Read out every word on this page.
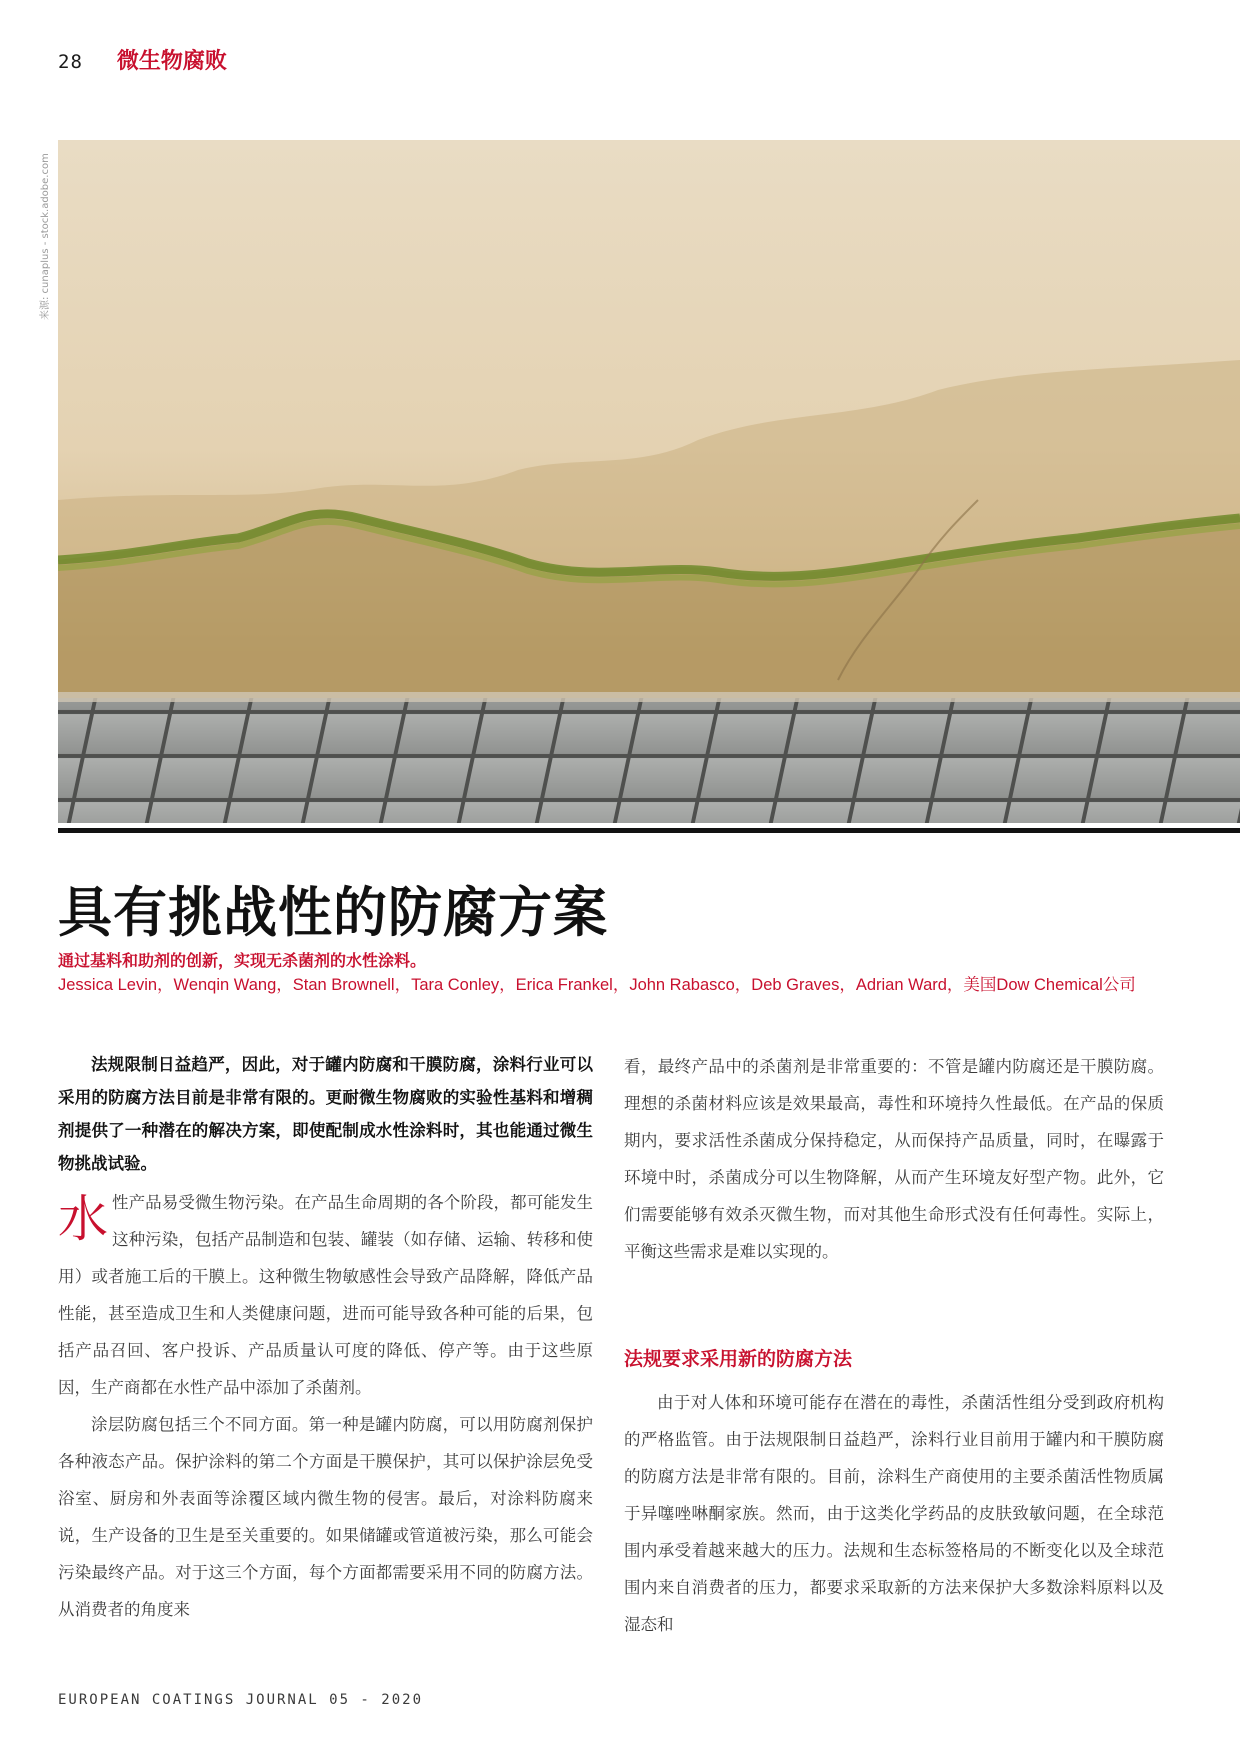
28 微生物腐败
来源: cunaplus - stock.adobe.com
具有挑战性的防腐方案
通过基料和助剂的创新，实现无杀菌剂的水性涂料。
Jessica Levin，Wenqin Wang，Stan Brownell，Tara Conley，Erica Frankel，John Rabasco，Deb Graves，Adrian Ward，美国Dow Chemical公司

法规限制日益趋严，因此，对于罐内防腐和干膜防腐，涂料行业可以采用的防腐方法目前是非常有限的。更耐微生物腐败的实验性基料和增稠剂提供了一种潜在的解决方案，即使配制成水性涂料时，其也能通过微生物挑战试验。

水性产品易受微生物污染。在产品生命周期的各个阶段，都可能发生这种污染，包括产品制造和包装、罐装（如存储、运输、转移和使用）或者施工后的干膜上。这种微生物敏感性会导致产品降解，降低产品性能，甚至造成卫生和人类健康问题，进而可能导致各种可能的后果，包括产品召回、客户投诉、产品质量认可度的降低、停产等。由于这些原因，生产商都在水性产品中添加了杀菌剂。

涂层防腐包括三个不同方面。第一种是罐内防腐，可以用防腐剂保护各种液态产品。保护涂料的第二个方面是干膜保护，其可以保护涂层免受浴室、厨房和外表面等涂覆区域内微生物的侵害。最后，对涂料防腐来说，生产设备的卫生是至关重要的。如果储罐或管道被污染，那么可能会污染最终产品。对于这三个方面，每个方面都需要采用不同的防腐方法。从消费者的角度来

看，最终产品中的杀菌剂是非常重要的：不管是罐内防腐还是干膜防腐。理想的杀菌材料应该是效果最高，毒性和环境持久性最低。在产品的保质期内，要求活性杀菌成分保持稳定，从而保持产品质量，同时，在曝露于环境中时，杀菌成分可以生物降解，从而产生环境友好型产物。此外，它们需要能够有效杀灭微生物，而对其他生命形式没有任何毒性。实际上，平衡这些需求是难以实现的。

法规要求采用新的防腐方法

由于对人体和环境可能存在潜在的毒性，杀菌活性组分受到政府机构的严格监管。由于法规限制日益趋严，涂料行业目前用于罐内和干膜防腐的防腐方法是非常有限的。目前，涂料生产商使用的主要杀菌活性物质属于异噻唑啉酮家族。然而，由于这类化学药品的皮肤致敏问题，在全球范围内承受着越来越大的压力。法规和生态标签格局的不断变化以及全球范围内来自消费者的压力，都要求采取新的方法来保护大多数涂料原料以及湿态和

EUROPEAN COATINGS JOURNAL 05 - 2020
